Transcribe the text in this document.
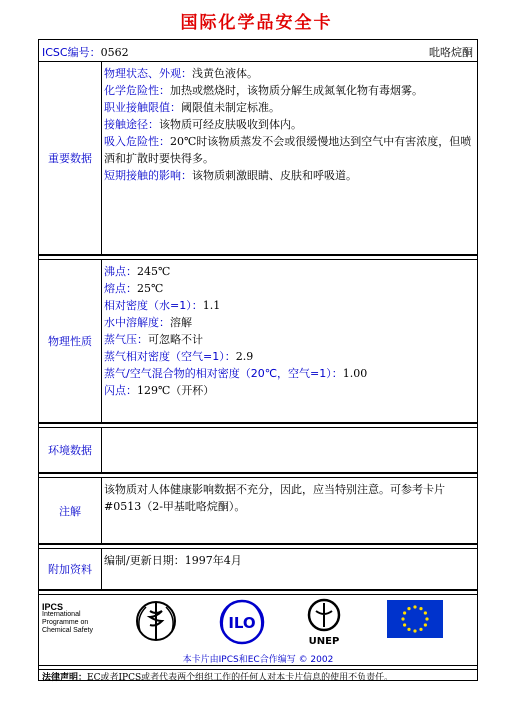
国际化学品安全卡
ICSC编号：0562	吡咯烷酮
重要数据
物理状态、外观：浅黄色液体。
化学危险性：加热或燃烧时，该物质分解生成氮氧化物有毒烟雾。
职业接触限值：阈限值未制定标准。
接触途径：该物质可经皮肤吸收到体内。
吸入危险性：20℃时该物质蒸发不会或很缓慢地达到空气中有害浓度，但喷洒和扩散时要快得多。
短期接触的影响：该物质刺激眼睛、皮肤和呼吸道。
物理性质
沸点：245℃
熔点：25℃
相对密度（水=1）：1.1
水中溶解度：溶解
蒸气压：可忽略不计
蒸气相对密度（空气=1）：2.9
蒸气/空气混合物的相对密度（20℃，空气=1）：1.00
闪点：129℃（开杯）
环境数据
注解
该物质对人体健康影响数据不充分，因此，应当特别注意。可参考卡片#0513（2-甲基吡咯烷酮）。
附加资料
编制/更新日期：1997年4月
IPCS
International
Programme on
Chemical Safety	ILO
UNEP
本卡片由IPCS和EC合作编写 © 2002
法律声明：EC或者IPCS或者代表两个组织工作的任何人对本卡片信息的使用不负责任。
